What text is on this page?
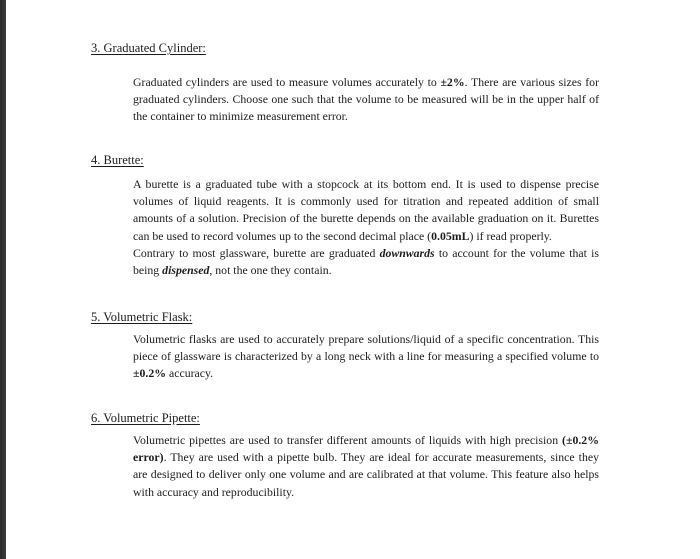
3. Graduated Cylinder:

Graduated cylinders are used to measure volumes accurately to ±2%. There are various sizes for graduated cylinders. Choose one such that the volume to be measured will be in the upper half of the container to minimize measurement error.

4. Burette:

A burette is a graduated tube with a stopcock at its bottom end. It is used to dispense precise volumes of liquid reagents. It is commonly used for titration and repeated addition of small amounts of a solution. Precision of the burette depends on the available graduation on it. Burettes can be used to record volumes up to the second decimal place (0.05mL) if read properly.

Contrary to most glassware, burette are graduated downwards to account for the volume that is being dispensed, not the one they contain.

5. Volumetric Flask:

Volumetric flasks are used to accurately prepare solutions/liquid of a specific concentration. This piece of glassware is characterized by a long neck with a line for measuring a specified volume to ±0.2% accuracy.

6. Volumetric Pipette:

Volumetric pipettes are used to transfer different amounts of liquids with high precision (±0.2% error). They are used with a pipette bulb. They are ideal for accurate measurements, since they are designed to deliver only one volume and are calibrated at that volume. This feature also helps with accuracy and reproducibility.
